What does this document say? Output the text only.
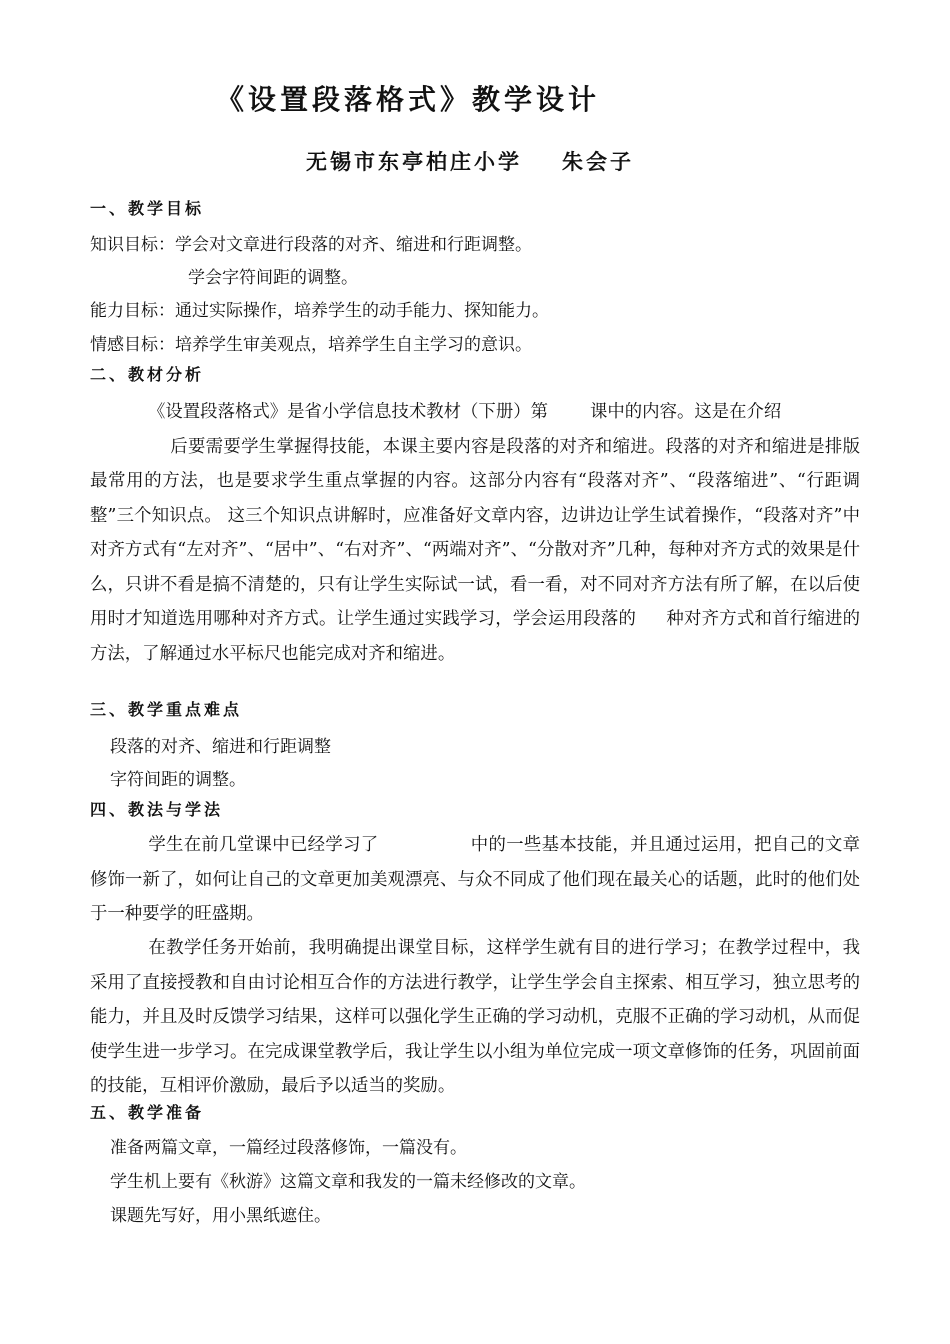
《设置段落格式》教学设计
无锡市东亭柏庄小学 朱会子
一、教学目标
知识目标：学会对文章进行段落的对齐、缩进和行距调整。
学会字符间距的调整。
能力目标：通过实际操作，培养学生的动手能力、探知能力。
情感目标：培养学生审美观点，培养学生自主学习的意识。
二、教材分析
《设置段落格式》是省小学信息技术教材（下册）第 课中的内容。这是在介绍
后要需要学生掌握得技能，本课主要内容是段落的对齐和缩进。段落的对齐和缩进是排版最常用的方法，也是要求学生重点掌握的内容。这部分内容有“段落对齐”、“段落缩进”、“行距调整”三个知识点。 这三个知识点讲解时，应准备好文章内容，边讲边让学生试着操作，“段落对齐”中对齐方式有“左对齐”、“居中”、“右对齐”、“两端对齐”、“分散对齐”几种，每种对齐方式的效果是什么，只讲不看是搞不清楚的，只有让学生实际试一试，看一看，对不同对齐方法有所了解，在以后使用时才知道选用哪种对齐方式。让学生通过实践学习，学会运用段落的 种对齐方式和首行缩进的方法，了解通过水平标尺也能完成对齐和缩进。
三、教学重点难点
段落的对齐、缩进和行距调整
字符间距的调整。
四、教法与学法
学生在前几堂课中已经学习了	中的一些基本技能，并且通过运用，把自己的文章修饰一新了，如何让自己的文章更加美观漂亮、与众不同成了他们现在最关心的话题，此时的他们处于一种要学的旺盛期。
在教学任务开始前，我明确提出课堂目标，这样学生就有目的进行学习；在教学过程中，我采用了直接授教和自由讨论相互合作的方法进行教学，让学生学会自主探索、相互学习，独立思考的能力，并且及时反馈学习结果，这样可以强化学生正确的学习动机，克服不正确的学习动机，从而促使学生进一步学习。在完成课堂教学后，我让学生以小组为单位完成一项文章修饰的任务，巩固前面的技能，互相评价激励，最后予以适当的奖励。
五、教学准备
准备两篇文章，一篇经过段落修饰，一篇没有。
学生机上要有《秋游》这篇文章和我发的一篇未经修改的文章。
课题先写好，用小黑纸遮住。
